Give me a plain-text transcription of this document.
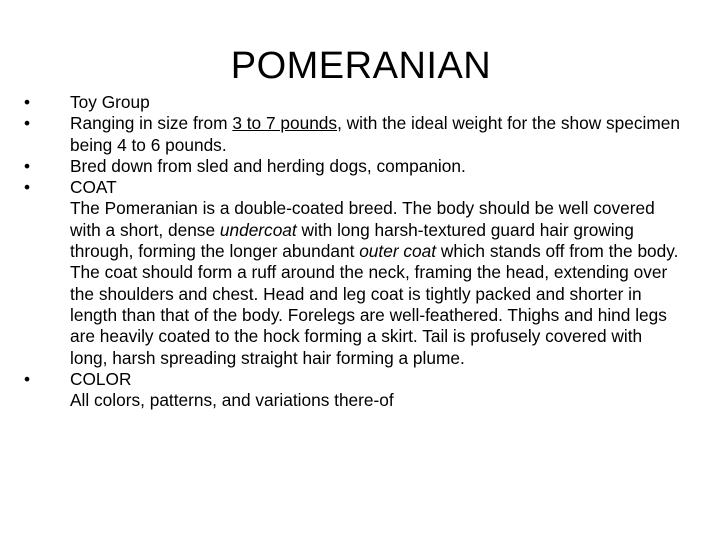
POMERANIAN
•	Toy Group
•	Ranging in size from 3 to 7 pounds, with the ideal weight for the show specimen being 4 to 6 pounds.
•	Bred down from sled and herding dogs, companion.
•	COAT
The Pomeranian is a double-coated breed. The body should be well covered with a short, dense undercoat with long harsh-textured guard hair growing through, forming the longer abundant outer coat which stands off from the body. The coat should form a ruff around the neck, framing the head, extending over the shoulders and chest. Head and leg coat is tightly packed and shorter in length than that of the body. Forelegs are well-feathered. Thighs and hind legs are heavily coated to the hock forming a skirt. Tail is profusely covered with long, harsh spreading straight hair forming a plume.
•	COLOR
All colors, patterns, and variations there-of
